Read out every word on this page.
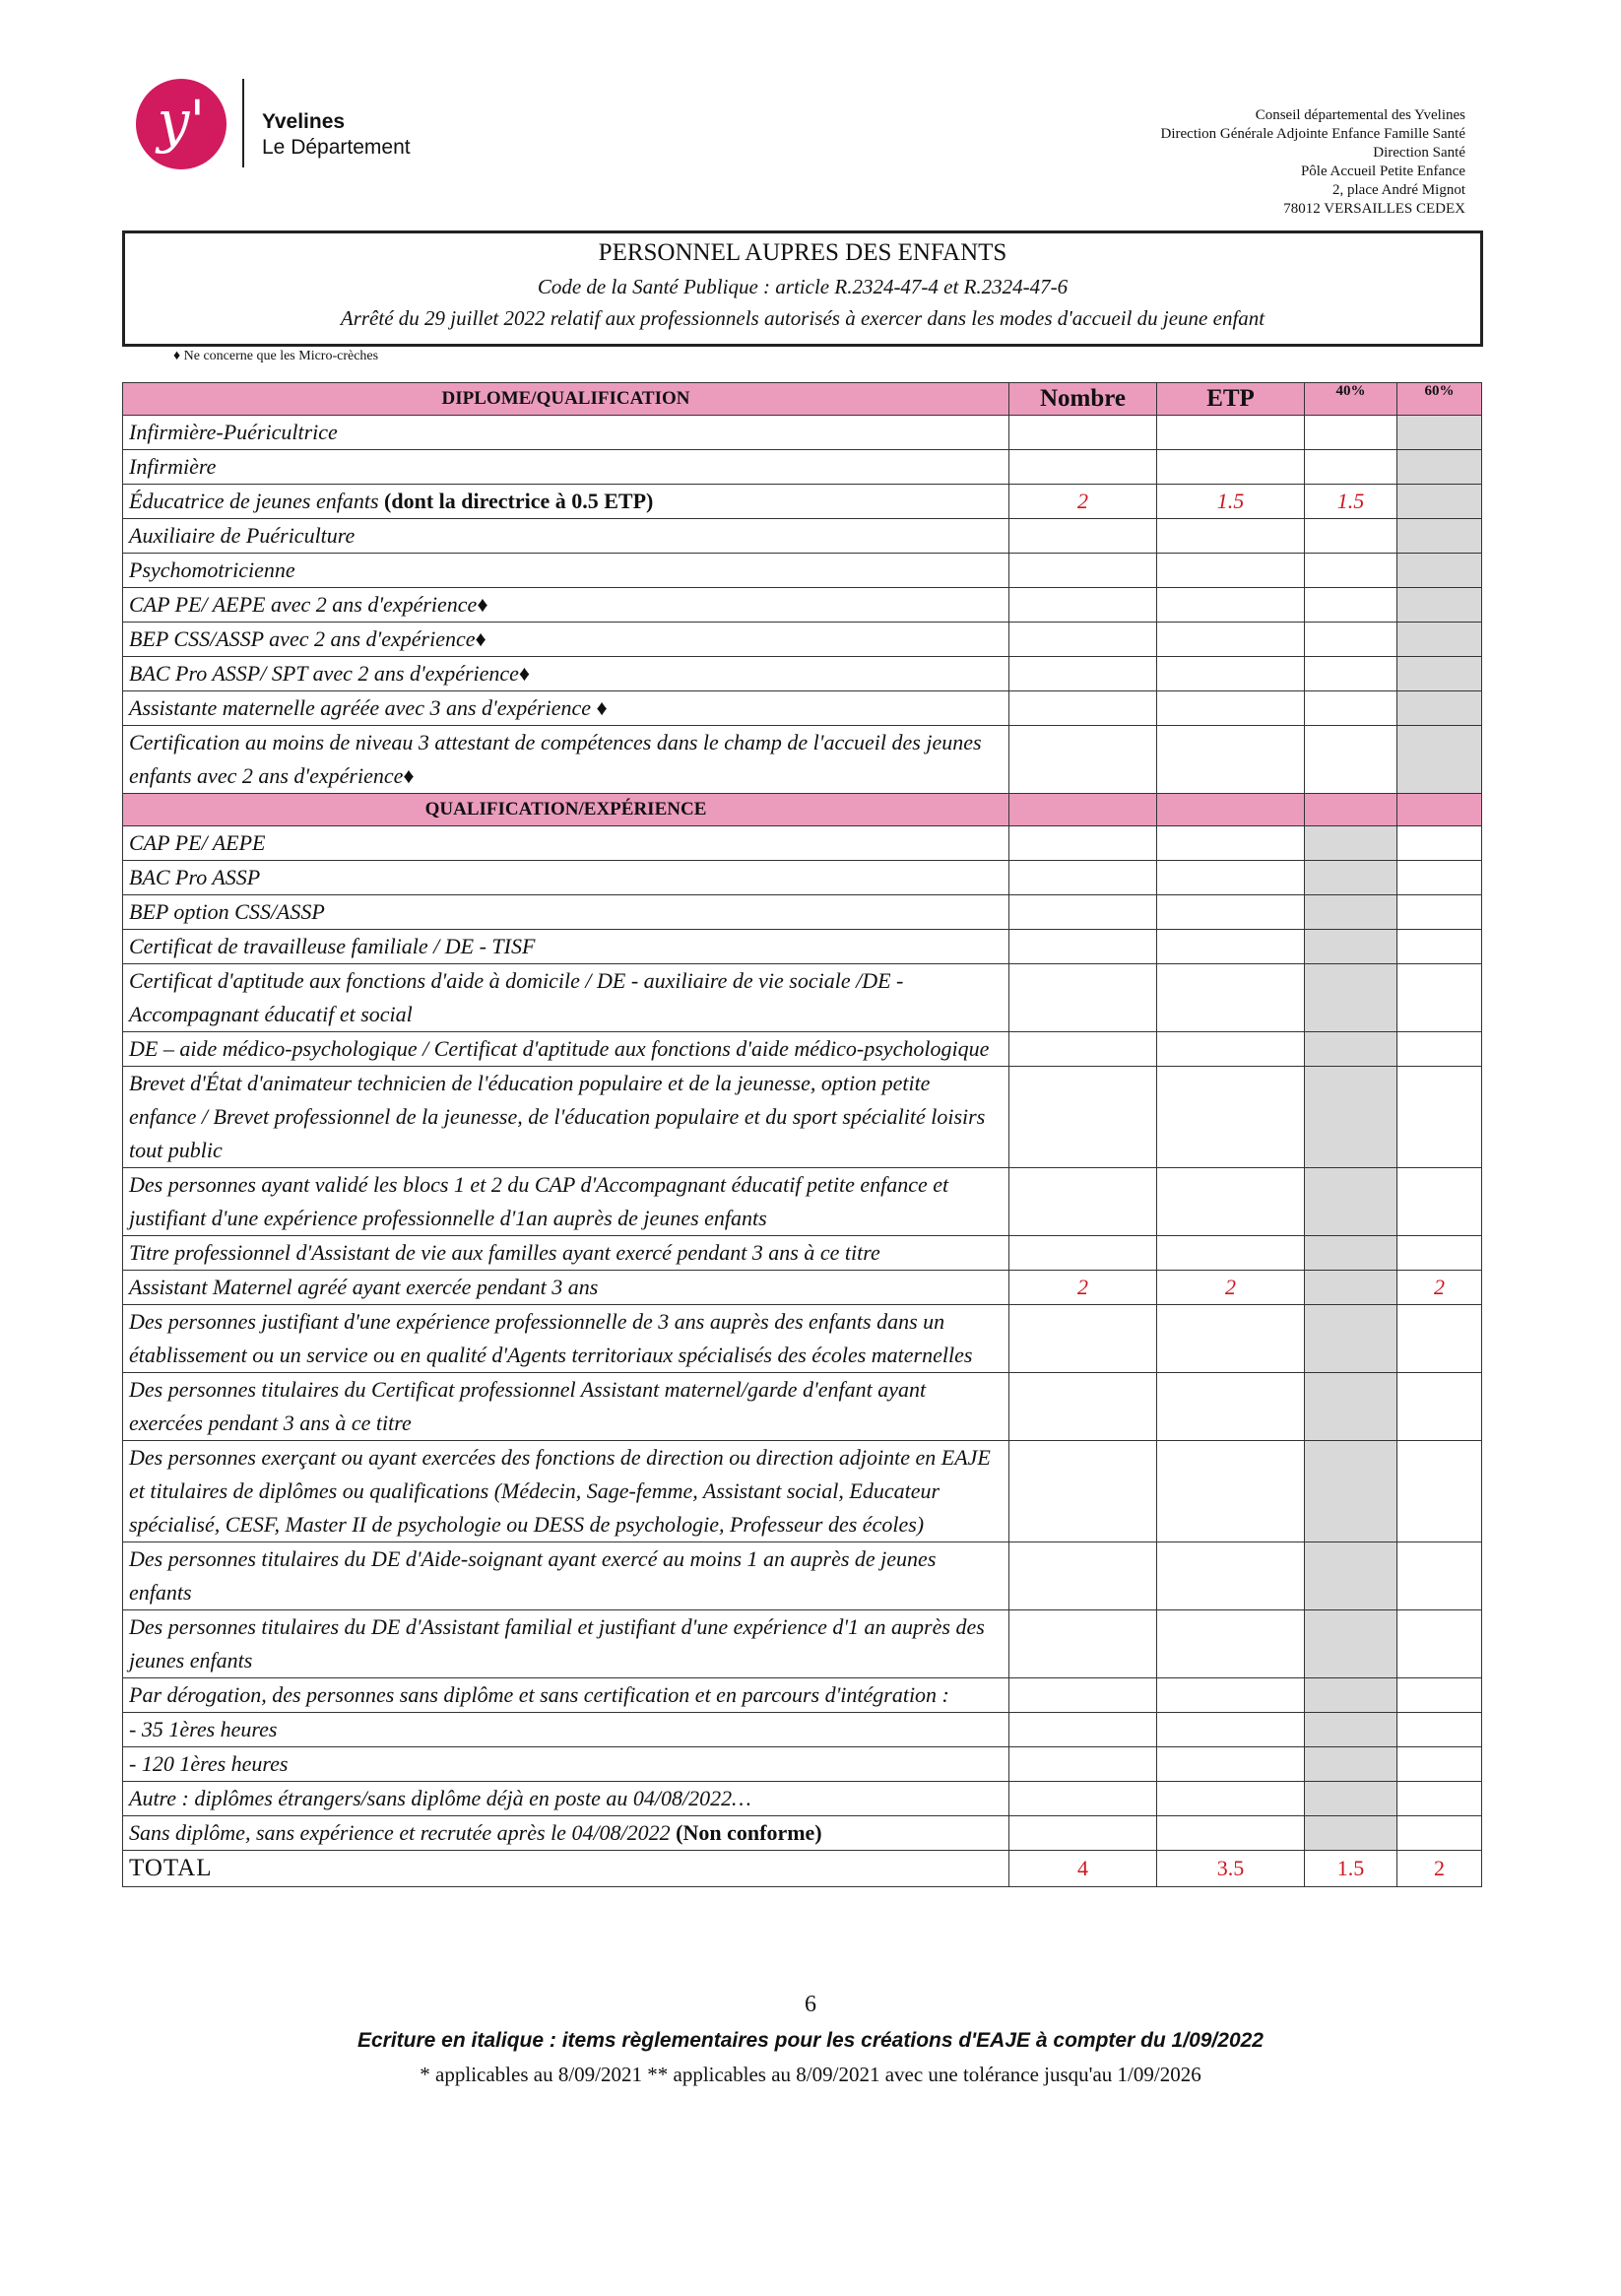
y'	Yvelines
Le Département
Conseil départemental des Yvelines
Direction Générale Adjointe Enfance Famille Santé
Direction Santé
Pôle Accueil Petite Enfance
2, place André Mignot
78012 VERSAILLES CEDEX
PERSONNEL AUPRES DES ENFANTS
Code de la Santé Publique : article R.2324-47-4 et R.2324-47-6
Arrêté du 29 juillet 2022 relatif aux professionnels autorisés à exercer dans les modes d'accueil du jeune enfant
♦ Ne concerne que les Micro-crèches
DIPLOME/QUALIFICATION	Nombre	ETP	40%	60%
Infirmière-Puéricultrice				
Infirmière				
Éducatrice de jeunes enfants (dont la directrice à 0.5 ETP)	2	1.5	1.5	
Auxiliaire de Puériculture				
Psychomotricienne				
CAP PE/ AEPE avec 2 ans d'expérience♦				
BEP CSS/ASSP avec 2 ans d'expérience♦				
BAC Pro ASSP/ SPT avec 2 ans d'expérience♦				
Assistante maternelle agréée avec 3 ans d'expérience ♦				
Certification au moins de niveau 3 attestant de compétences dans le champ de l'accueil des jeunes enfants avec 2 ans d'expérience♦				
QUALIFICATION/EXPÉRIENCE				
CAP PE/ AEPE				
BAC Pro ASSP				
BEP option CSS/ASSP				
Certificat de travailleuse familiale / DE - TISF				
Certificat d'aptitude aux fonctions d'aide à domicile / DE - auxiliaire de vie sociale /DE - Accompagnant éducatif et social				
DE – aide médico-psychologique / Certificat d'aptitude aux fonctions d'aide médico-psychologique				
Brevet d'État d'animateur technicien de l'éducation populaire et de la jeunesse, option petite enfance / Brevet professionnel de la jeunesse, de l'éducation populaire et du sport spécialité loisirs tout public				
Des personnes ayant validé les blocs 1 et 2 du CAP d'Accompagnant éducatif petite enfance et justifiant d'une expérience professionnelle d'1an auprès de jeunes enfants				
Titre professionnel d'Assistant de vie aux familles ayant exercé pendant 3 ans à ce titre				
Assistant Maternel agréé ayant exercée pendant 3 ans	2	2		2
Des personnes justifiant d'une expérience professionnelle de 3 ans auprès des enfants dans un établissement ou un service ou en qualité d'Agents territoriaux spécialisés des écoles maternelles				
Des personnes titulaires du Certificat professionnel Assistant maternel/garde d'enfant ayant exercées pendant 3 ans à ce titre				
Des personnes exerçant ou ayant exercées des fonctions de direction ou direction adjointe en EAJE et titulaires de diplômes ou qualifications (Médecin, Sage-femme, Assistant social, Educateur spécialisé, CESF, Master II de psychologie ou DESS de psychologie, Professeur des écoles)				
Des personnes titulaires du DE d'Aide-soignant ayant exercé au moins 1 an auprès de jeunes enfants				
Des personnes titulaires du DE d'Assistant familial et justifiant d'une expérience d'1 an auprès des jeunes enfants				
Par dérogation, des personnes sans diplôme et sans certification et en parcours d'intégration :				
- 35 1ères heures				
- 120 1ères heures				
Autre : diplômes étrangers/sans diplôme déjà en poste au 04/08/2022…				
Sans diplôme, sans expérience et recrutée après le 04/08/2022 (Non conforme)				
TOTAL	4	3.5	1.5	2
6
Ecriture en italique : items règlementaires pour les créations d'EAJE à compter du 1/09/2022
* applicables au 8/09/2021 ** applicables au 8/09/2021 avec une tolérance jusqu'au 1/09/2026
